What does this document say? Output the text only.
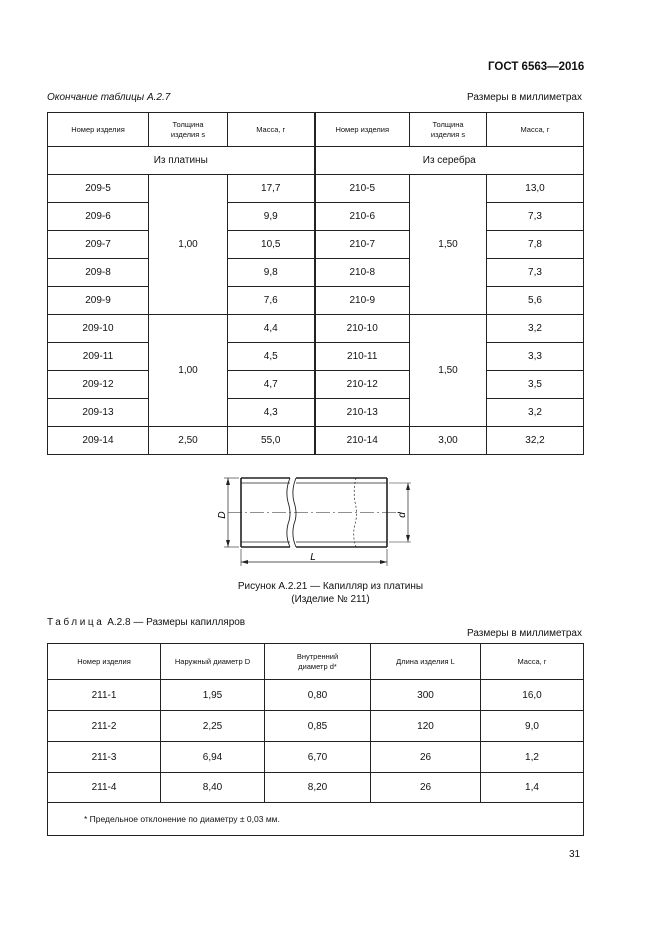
ГОСТ 6563—2016
Окончание таблицы А.2.7	Размеры в миллиметрах
Номер изделия	Толщина изделия s	Масса, г	Номер изделия	Толщина изделия s	Масса, г
Из платины			Из серебра		
209-5	1,00	17,7	210-5	1,50	13,0
209-6		9,9	210-6		7,3
209-7		10,5	210-7		7,8
209-8		9,8	210-8		7,3
209-9		7,6	210-9		5,6
209-10	1,00	4,4	210-10	1,50	3,2
209-11		4,5	210-11		3,3
209-12		4,7	210-12		3,5
209-13		4,3	210-13		3,2
209-14	2,50	55,0	210-14	3,00	32,2
D	d
L
Рисунок А.2.21 — Капилляр из платины
(Изделие № 211)
Таблица А.2.8 — Размеры капилляров
Размеры в миллиметрах
Номер изделия	Наружный диаметр D	Внутренний диаметр d*	Длина изделия L	Масса, г
211-1	1,95	0,80	300	16,0
211-2	2,25	0,85	120	9,0
211-3	6,94	6,70	26	1,2
211-4	8,40	8,20	26	1,4
* Предельное отклонение по диаметру ± 0,03 мм.				
31
